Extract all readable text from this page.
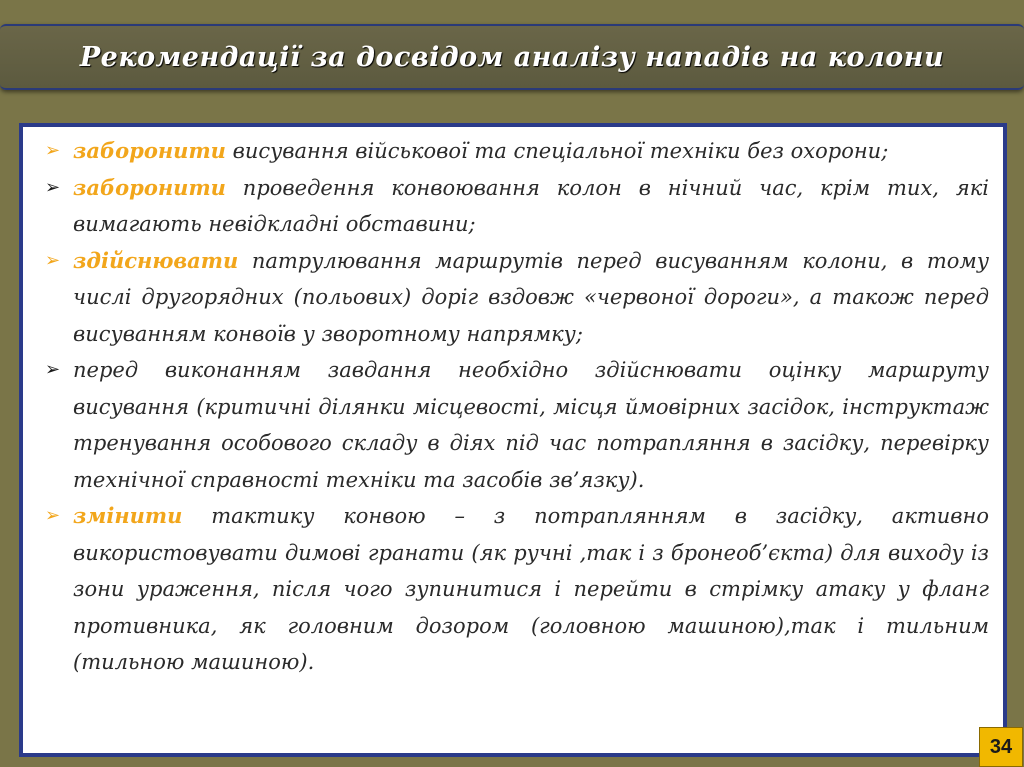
Рекомендації за досвідом аналізу нападів на колони
➢ заборонити висування військової та спеціальної техніки без охорони;
➢ заборонити проведення конвоювання колон в нічний час, крім тих, які вимагають невідкладні обставини;
➢ здійснювати патрулювання маршрутів перед висуванням колони, в тому числі другорядних (польових) доріг вздовж «червоної дороги», а також перед висуванням конвоїв у зворотному напрямку;
➢ перед виконанням завдання необхідно здійснювати оцінку маршруту висування (критичні ділянки місцевості, місця ймовірних засідок, інструктаж тренування особового складу в діях під час потрапляння в засідку, перевірку технічної справності техніки та засобів зв’язку).
➢ змінити тактику конвою – з потраплянням в засідку, активно використовувати димові гранати (як ручні ,так і з бронеоб’єкта) для виходу із зони ураження, після чого зупинитися і перейти в стрімку атаку у фланг противника, як головним дозором (головною машиною),так і тильним (тильною машиною).
34
